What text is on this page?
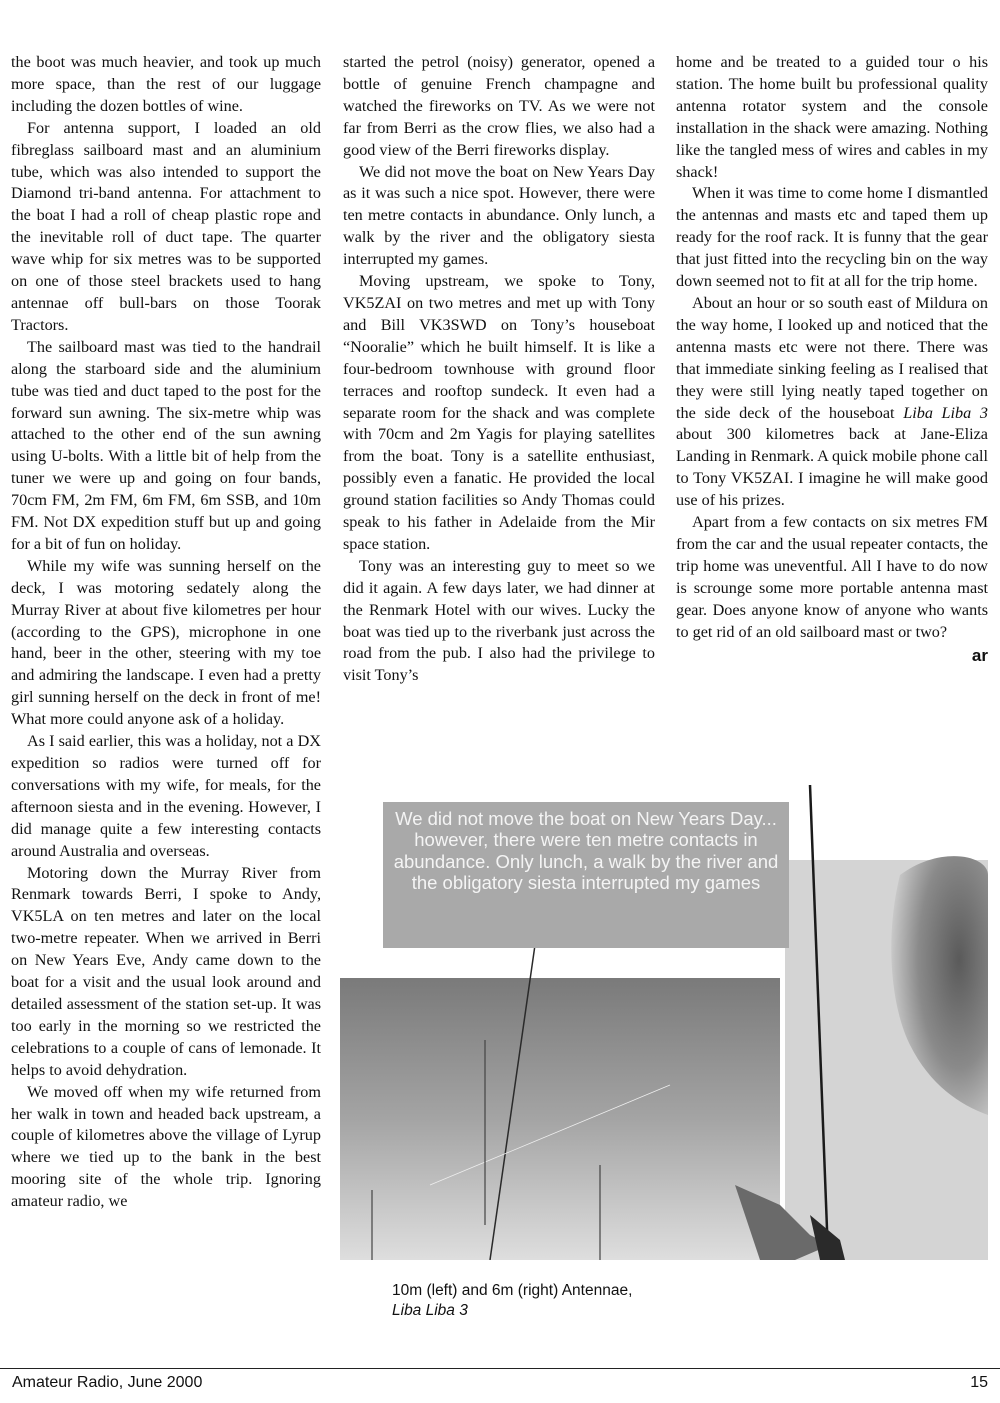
the boot was much heavier, and took up much more space, than the rest of our luggage including the dozen bottles of wine.

For antenna support, I loaded an old fibreglass sailboard mast and an aluminium tube, which was also intended to support the Diamond tri-band antenna. For attachment to the boat I had a roll of cheap plastic rope and the inevitable roll of duct tape. The quarter wave whip for six metres was to be supported on one of those steel brackets used to hang antennae off bull-bars on those Toorak Tractors.

The sailboard mast was tied to the handrail along the starboard side and the aluminium tube was tied and duct taped to the post for the forward sun awning. The six-metre whip was attached to the other end of the sun awning using U-bolts. With a little bit of help from the tuner we were up and going on four bands, 70cm FM, 2m FM, 6m FM, 6m SSB, and 10m FM. Not DX expedition stuff but up and going for a bit of fun on holiday.

While my wife was sunning herself on the deck, I was motoring sedately along the Murray River at about five kilometres per hour (according to the GPS), microphone in one hand, beer in the other, steering with my toe and admiring the landscape. I even had a pretty girl sunning herself on the deck in front of me! What more could anyone ask of a holiday.

As I said earlier, this was a holiday, not a DX expedition so radios were turned off for conversations with my wife, for meals, for the afternoon siesta and in the evening. However, I did manage quite a few interesting contacts around Australia and overseas.

Motoring down the Murray River from Renmark towards Berri, I spoke to Andy, VK5LA on ten metres and later on the local two-metre repeater. When we arrived in Berri on New Years Eve, Andy came down to the boat for a visit and the usual look around and detailed assessment of the station set-up. It was too early in the morning so we restricted the celebrations to a couple of cans of lemonade. It helps to avoid dehydration.

We moved off when my wife returned from her walk in town and headed back upstream, a couple of kilometres above the village of Lyrup where we tied up to the bank in the best mooring site of the whole trip. Ignoring amateur radio, we

started the petrol (noisy) generator, opened a bottle of genuine French champagne and watched the fireworks on TV. As we were not far from Berri as the crow flies, we also had a good view of the Berri fireworks display.

We did not move the boat on New Years Day as it was such a nice spot. However, there were ten metre contacts in abundance. Only lunch, a walk by the river and the obligatory siesta interrupted my games.

Moving upstream, we spoke to Tony, VK5ZAI on two metres and met up with Tony and Bill VK3SWD on Tony’s houseboat “Nooralie” which he built himself. It is like a four-bedroom townhouse with ground floor terraces and rooftop sundeck. It even had a separate room for the shack and was complete with 70cm and 2m Yagis for playing satellites from the boat. Tony is a satellite enthusiast, possibly even a fanatic. He provided the local ground station facilities so Andy Thomas could speak to his father in Adelaide from the Mir space station.

Tony was an interesting guy to meet so we did it again. A few days later, we had dinner at the Renmark Hotel with our wives. Lucky the boat was tied up to the riverbank just across the road from the pub. I also had the privilege to visit Tony’s

home and be treated to a guided tour o his station. The home built bu professional quality antenna rotator system and the console installation in the shack were amazing. Nothing like the tangled mess of wires and cables in my shack!

When it was time to come home I dismantled the antennas and masts etc and taped them up ready for the roof rack. It is funny that the gear that just fitted into the recycling bin on the way down seemed not to fit at all for the trip home.

About an hour or so south east of Mildura on the way home, I looked up and noticed that the antenna masts etc were not there. There was that immediate sinking feeling as I realised that they were still lying neatly taped together on the side deck of the houseboat Liba Liba 3 about 300 kilometres back at Jane-Eliza Landing in Renmark. A quick mobile phone call to Tony VK5ZAI. I imagine he will make good use of his prizes.

Apart from a few contacts on six metres FM from the car and the usual repeater contacts, the trip home was uneventful. All I have to do now is scrounge some more portable antenna mast gear. Does anyone know of anyone who wants to get rid of an old sailboard mast or two?

ar
We did not move the boat on New Years Day... however, there were ten metre contacts in abundance. Only lunch, a walk by the river and the obligatory siesta interrupted my games
10m (left) and 6m (right) Antennae,
Liba Liba 3
Amateur Radio, June 2000	15
